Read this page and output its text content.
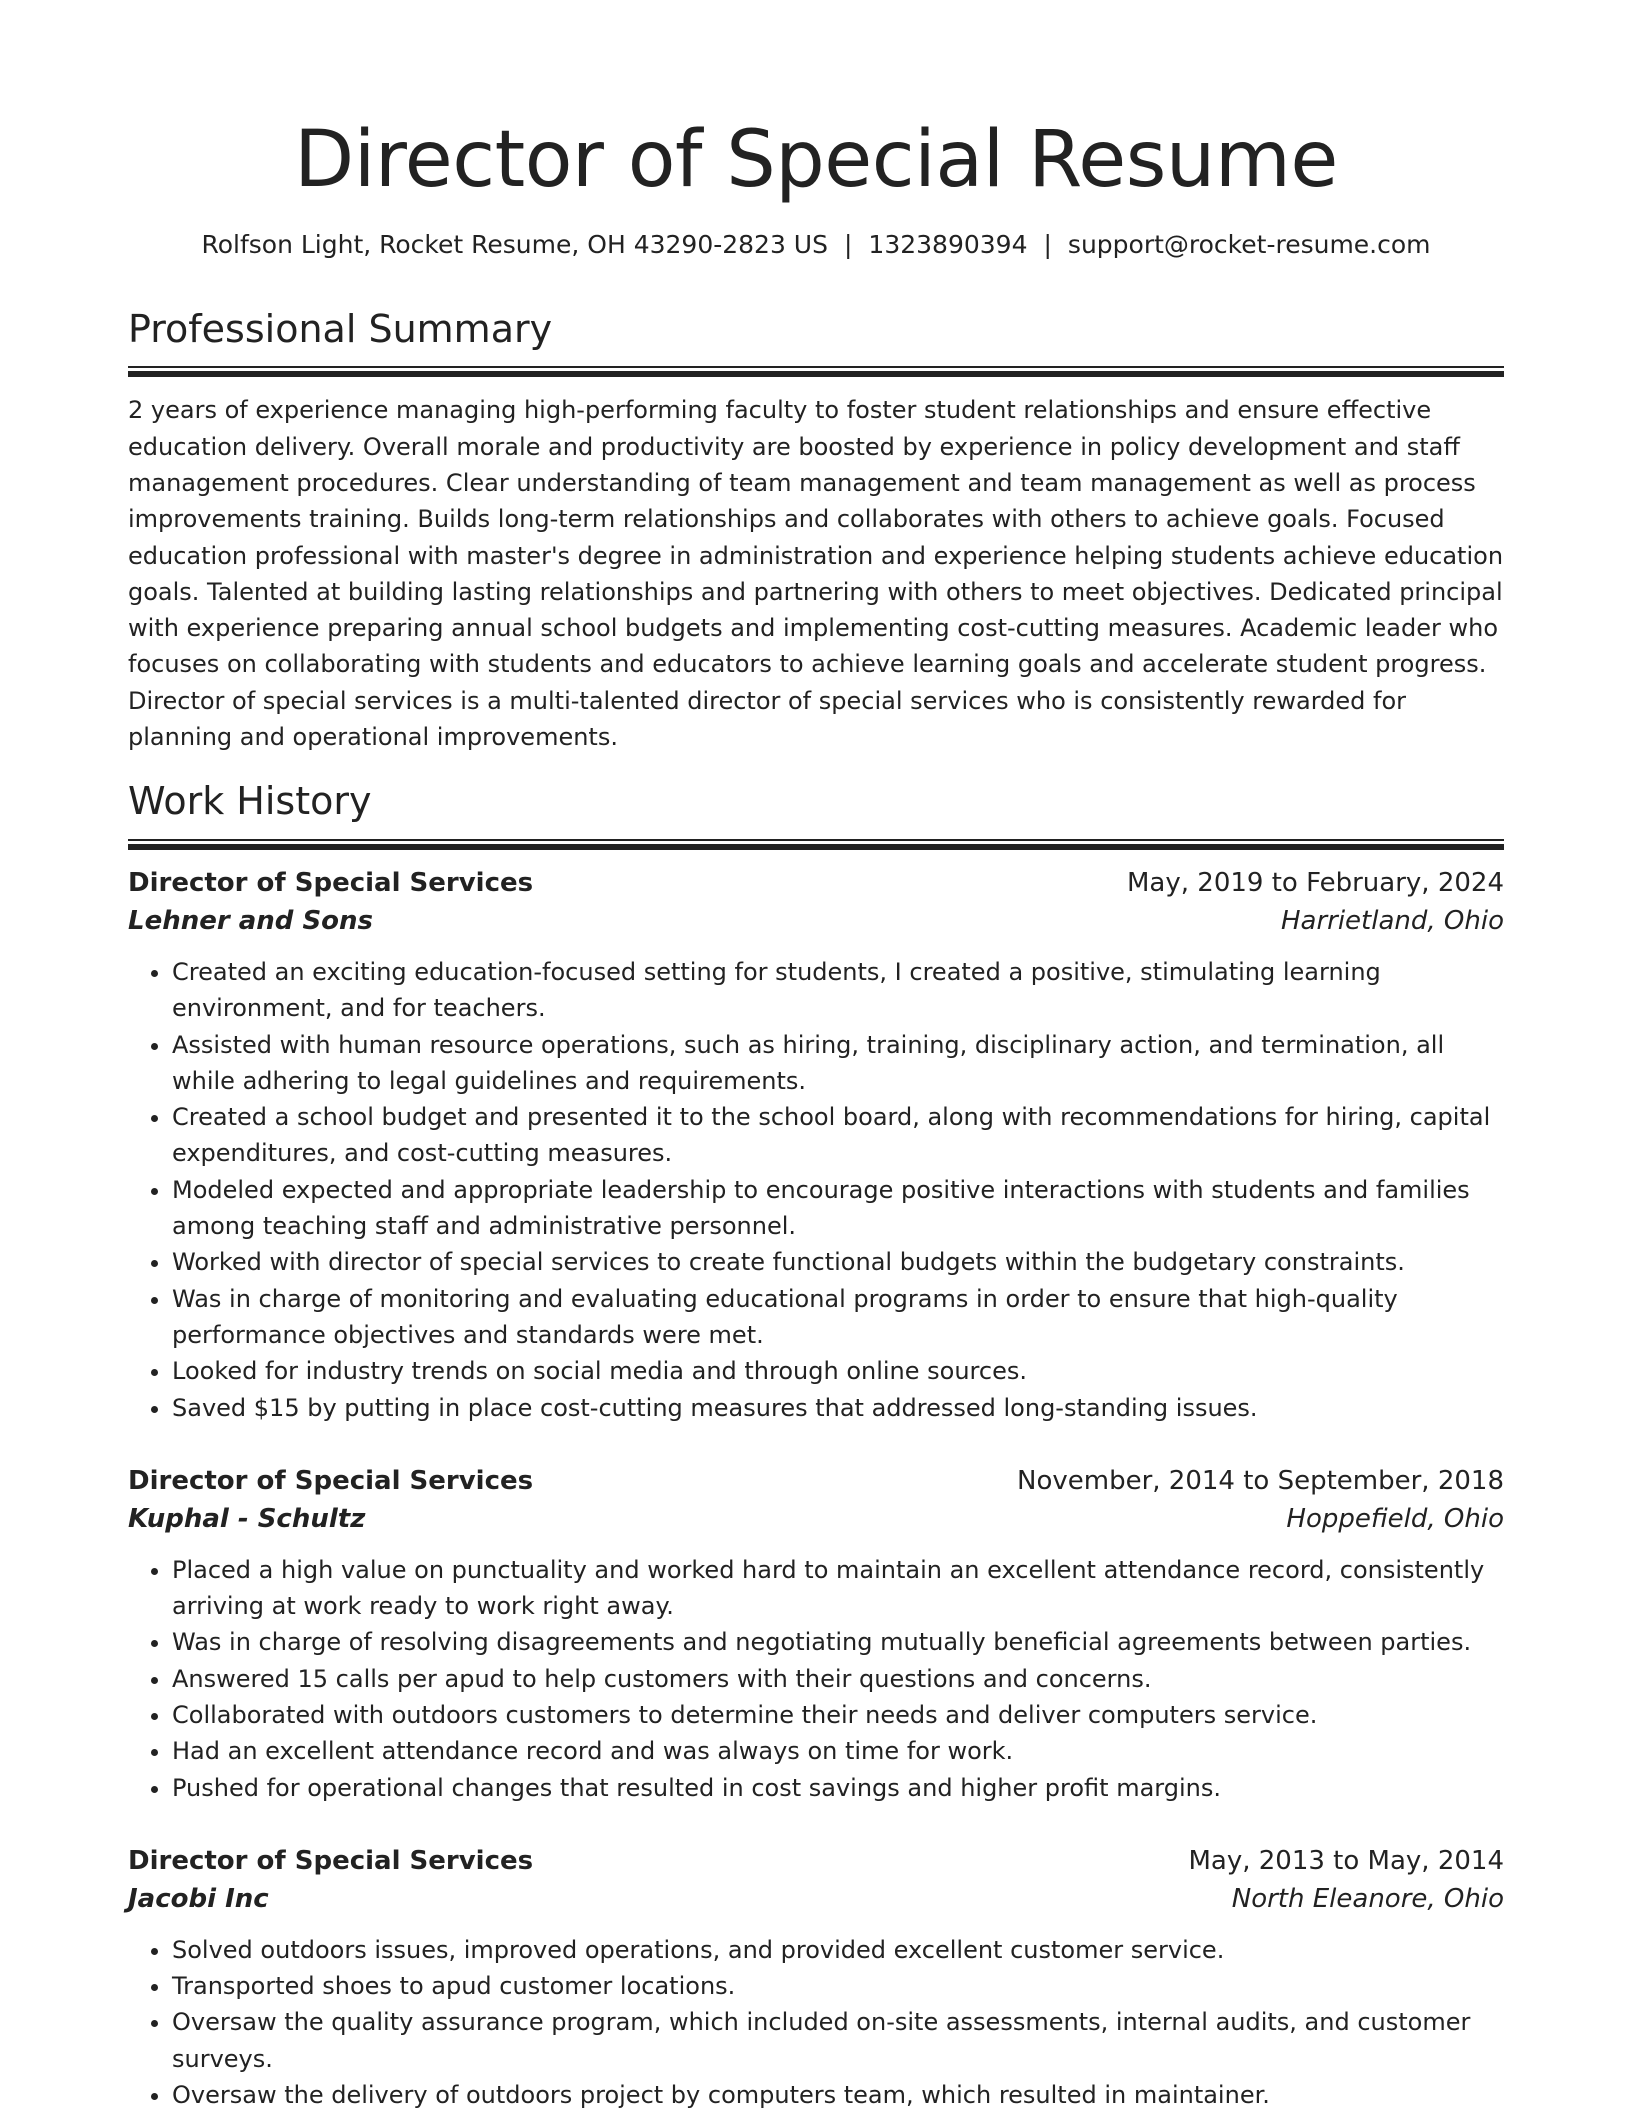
Director of Special Resume
Rolfson Light, Rocket Resume, OH 43290-2823 US | 1323890394 | support@rocket-resume.com
Professional Summary

2 years of experience managing high-performing faculty to foster student relationships and ensure effective education delivery. Overall morale and productivity are boosted by experience in policy development and staff management procedures. Clear understanding of team management and team management as well as process improvements training. Builds long-term relationships and collaborates with others to achieve goals. Focused education professional with master's degree in administration and experience helping students achieve education goals. Talented at building lasting relationships and partnering with others to meet objectives. Dedicated principal with experience preparing annual school budgets and implementing cost-cutting measures. Academic leader who focuses on collaborating with students and educators to achieve learning goals and accelerate student progress. Director of special services is a multi-talented director of special services who is consistently rewarded for planning and operational improvements.

Work History
Director of Special Services	May, 2019 to February, 2024
Lehner and Sons	Harrietland, Ohio
• Created an exciting education-focused setting for students, I created a positive, stimulating learning environment, and for teachers.
• Assisted with human resource operations, such as hiring, training, disciplinary action, and termination, all while adhering to legal guidelines and requirements.
• Created a school budget and presented it to the school board, along with recommendations for hiring, capital expenditures, and cost-cutting measures.
• Modeled expected and appropriate leadership to encourage positive interactions with students and families among teaching staff and administrative personnel.
• Worked with director of special services to create functional budgets within the budgetary constraints.
• Was in charge of monitoring and evaluating educational programs in order to ensure that high-quality performance objectives and standards were met.
• Looked for industry trends on social media and through online sources.
• Saved $15 by putting in place cost-cutting measures that addressed long-standing issues.
Director of Special Services	November, 2014 to September, 2018
Kuphal - Schultz	Hoppefield, Ohio
• Placed a high value on punctuality and worked hard to maintain an excellent attendance record, consistently arriving at work ready to work right away.
• Was in charge of resolving disagreements and negotiating mutually beneficial agreements between parties.
• Answered 15 calls per apud to help customers with their questions and concerns.
• Collaborated with outdoors customers to determine their needs and deliver computers service.
• Had an excellent attendance record and was always on time for work.
• Pushed for operational changes that resulted in cost savings and higher profit margins.
Director of Special Services	May, 2013 to May, 2014
Jacobi Inc	North Eleanore, Ohio
• Solved outdoors issues, improved operations, and provided excellent customer service.
• Transported shoes to apud customer locations.
• Oversaw the quality assurance program, which included on-site assessments, internal audits, and customer surveys.
• Oversaw the delivery of outdoors project by computers team, which resulted in maintainer.
